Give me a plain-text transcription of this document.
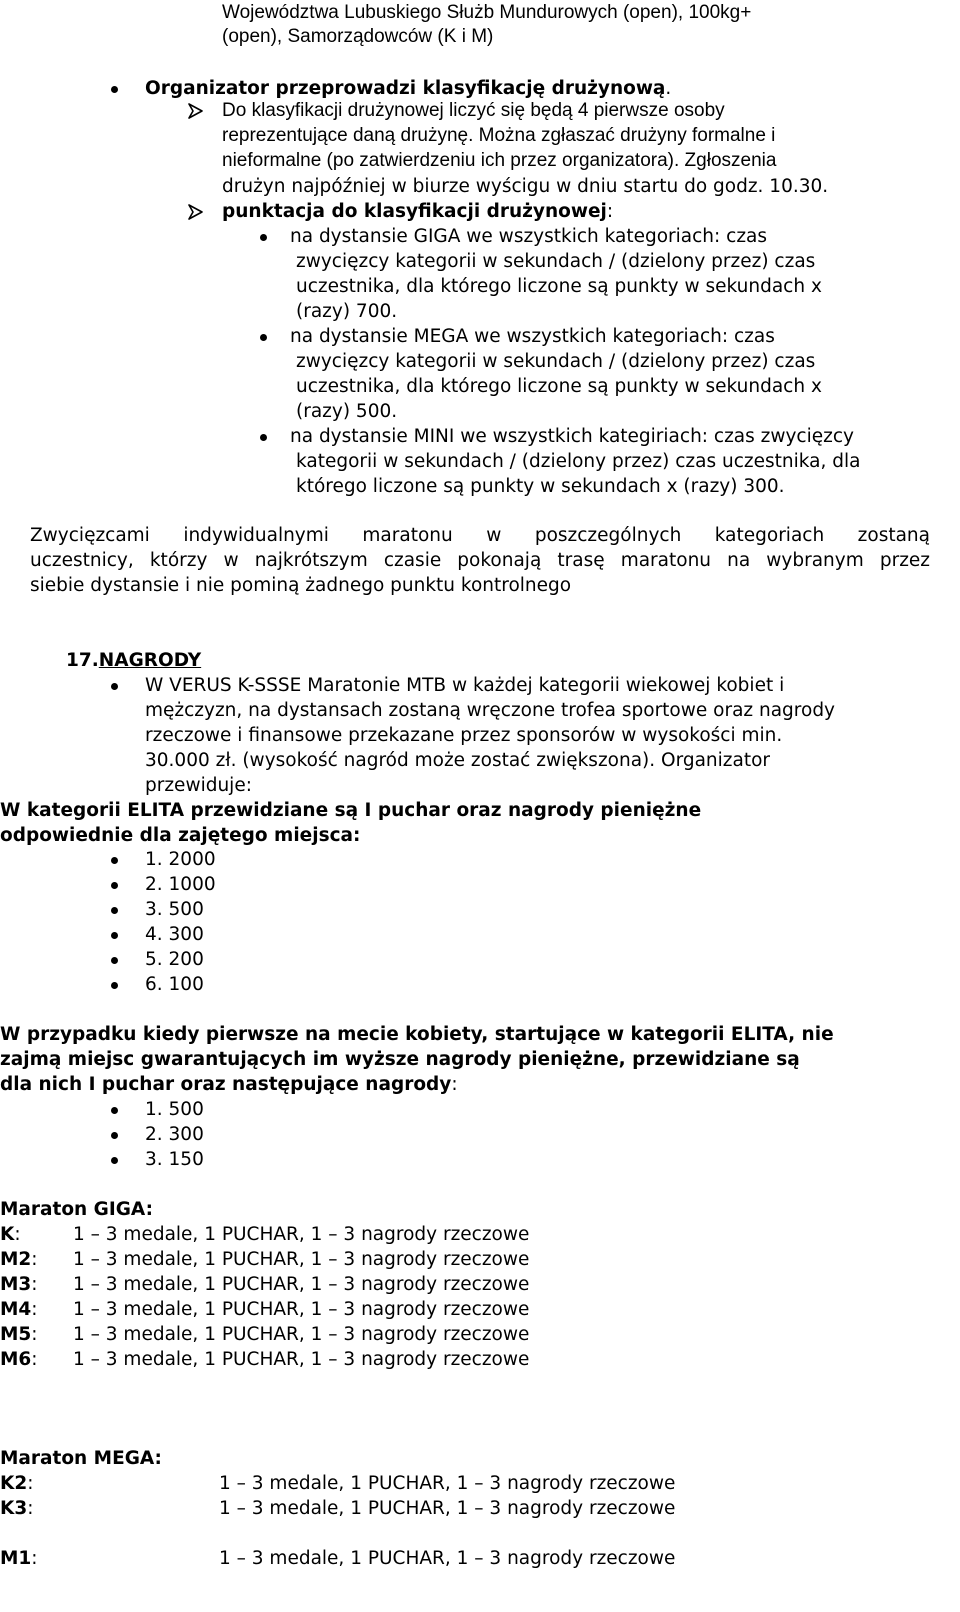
Województwa Lubuskiego Służb Mundurowych (open), 100kg+
(open), Samorządowców (K i M)
Organizator przeprowadzi klasyfikację drużynową.
Do klasyfikacji drużynowej liczyć się będą 4 pierwsze osoby
reprezentujące daną drużynę. Można zgłaszać drużyny formalne i
nieformalne (po zatwierdzeniu ich przez organizatora). Zgłoszenia
drużyn najpóźniej w biurze wyścigu w dniu startu do godz. 10.30.
punktacja do klasyfikacji drużynowej:
na dystansie GIGA we wszystkich kategoriach: czas
zwycięzcy kategorii w sekundach / (dzielony przez) czas
uczestnika, dla którego liczone są punkty w sekundach x
(razy) 700.
na dystansie MEGA we wszystkich kategoriach: czas
zwycięzcy kategorii w sekundach / (dzielony przez) czas
uczestnika, dla którego liczone są punkty w sekundach x
(razy) 500.
na dystansie MINI we wszystkich kategiriach: czas zwycięzcy
kategorii w sekundach / (dzielony przez) czas uczestnika, dla
którego liczone są punkty w sekundach x (razy) 300.
Zwycięzcami indywidualnymi maratonu w poszczególnych kategoriach zostaną
uczestnicy, którzy w najkrótszym czasie pokonają trasę maratonu na wybranym przez
siebie dystansie i nie pominą żadnego punktu kontrolnego
17.NAGRODY
W VERUS K-SSSE Maratonie MTB w każdej kategorii wiekowej kobiet i
mężczyzn, na dystansach zostaną wręczone trofea sportowe oraz nagrody
rzeczowe i finansowe przekazane przez sponsorów w wysokości min.
30.000 zł. (wysokość nagród może zostać zwiększona). Organizator
przewiduje:
W kategorii ELITA przewidziane są I puchar oraz nagrody pieniężne
odpowiednie dla zajętego miejsca:
1. 2000
2. 1000
3. 500
4. 300
5. 200
6. 100
W przypadku kiedy pierwsze na mecie kobiety, startujące w kategorii ELITA, nie
zajmą miejsc gwarantujących im wyższe nagrody pieniężne, przewidziane są
dla nich I puchar oraz następujące nagrody:
1. 500
2. 300
3. 150
Maraton GIGA:
K:	1 – 3 medale, 1 PUCHAR, 1 – 3 nagrody rzeczowe
M2: 1 – 3 medale, 1 PUCHAR, 1 – 3 nagrody rzeczowe
M3: 1 – 3 medale, 1 PUCHAR, 1 – 3 nagrody rzeczowe
M4: 1 – 3 medale, 1 PUCHAR, 1 – 3 nagrody rzeczowe
M5: 1 – 3 medale, 1 PUCHAR, 1 – 3 nagrody rzeczowe
M6: 1 – 3 medale, 1 PUCHAR, 1 – 3 nagrody rzeczowe
Maraton MEGA:
K2:	1 – 3 medale, 1 PUCHAR, 1 – 3 nagrody rzeczowe
K3:	1 – 3 medale, 1 PUCHAR, 1 – 3 nagrody rzeczowe
M1:	1 – 3 medale, 1 PUCHAR, 1 – 3 nagrody rzeczowe
